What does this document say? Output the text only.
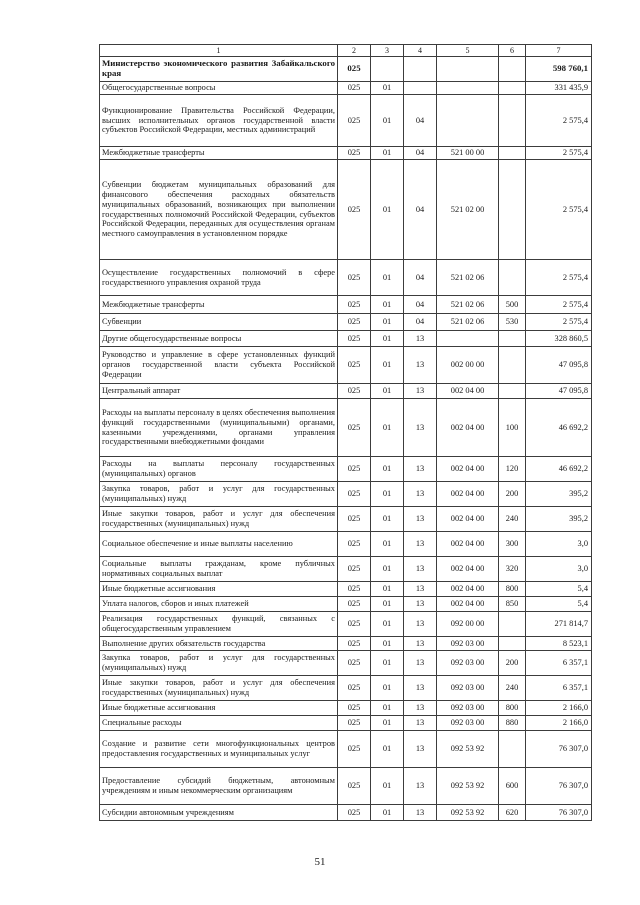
1	2	3	4	5	6	7
Министерство экономического развития Забайкальского края	025					598 760,1
Общегосударственные вопросы	025	01				331 435,9
Функционирование Правительства Российской Федерации, высших исполнительных органов государственной власти субъектов Российской Федерации, местных администраций	025	01	04			2 575,4
Межбюджетные трансферты	025	01	04	521 00 00		2 575,4
Субвенции бюджетам муниципальных образований для финансового обеспечения расходных обязательств муниципальных образований, возникающих при выполнении государственных полномочий Российской Федерации, субъектов Российской Федерации, переданных для осуществления органам местного самоуправления в установленном порядке	025	01	04	521 02 00		2 575,4
Осуществление государственных полномочий в сфере государственного управления охраной труда	025	01	04	521 02 06		2 575,4
Межбюджетные трансферты	025	01	04	521 02 06	500	2 575,4
Субвенции	025	01	04	521 02 06	530	2 575,4
Другие общегосударственные вопросы	025	01	13			328 860,5
Руководство и управление в сфере установленных функций органов государственной власти субъекта Российской Федерации	025	01	13	002 00 00		47 095,8
Центральный аппарат	025	01	13	002 04 00		47 095,8
Расходы на выплаты персоналу в целях обеспечения выполнения функций государственными (муниципальными) органами, казенными учреждениями, органами управления государственными внебюджетными фондами	025	01	13	002 04 00	100	46 692,2
Расходы на выплаты персоналу государственных (муниципальных) органов	025	01	13	002 04 00	120	46 692,2
Закупка товаров, работ и услуг для государственных (муниципальных) нужд	025	01	13	002 04 00	200	395,2
Иные закупки товаров, работ и услуг для обеспечения государственных (муниципальных) нужд	025	01	13	002 04 00	240	395,2
Социальное обеспечение и иные выплаты населению	025	01	13	002 04 00	300	3,0
Социальные выплаты гражданам, кроме публичных нормативных социальных выплат	025	01	13	002 04 00	320	3,0
Иные бюджетные ассигнования	025	01	13	002 04 00	800	5,4
Уплата налогов, сборов и иных платежей	025	01	13	002 04 00	850	5,4
Реализация государственных функций, связанных с общегосударственным управлением	025	01	13	092 00 00		271 814,7
Выполнение других обязательств государства	025	01	13	092 03 00		8 523,1
Закупка товаров, работ и услуг для государственных (муниципальных) нужд	025	01	13	092 03 00	200	6 357,1
Иные закупки товаров, работ и услуг для обеспечения государственных (муниципальных) нужд	025	01	13	092 03 00	240	6 357,1
Иные бюджетные ассигнования	025	01	13	092 03 00	800	2 166,0
Специальные расходы	025	01	13	092 03 00	880	2 166,0
Создание и развитие сети многофункциональных центров предоставления государственных и муниципальных услуг	025	01	13	092 53 92		76 307,0
Предоставление субсидий бюджетным, автономным учреждениям и иным некоммерческим организациям	025	01	13	092 53 92	600	76 307,0
Субсидии автономным учреждениям	025	01	13	092 53 92	620	76 307,0
51
